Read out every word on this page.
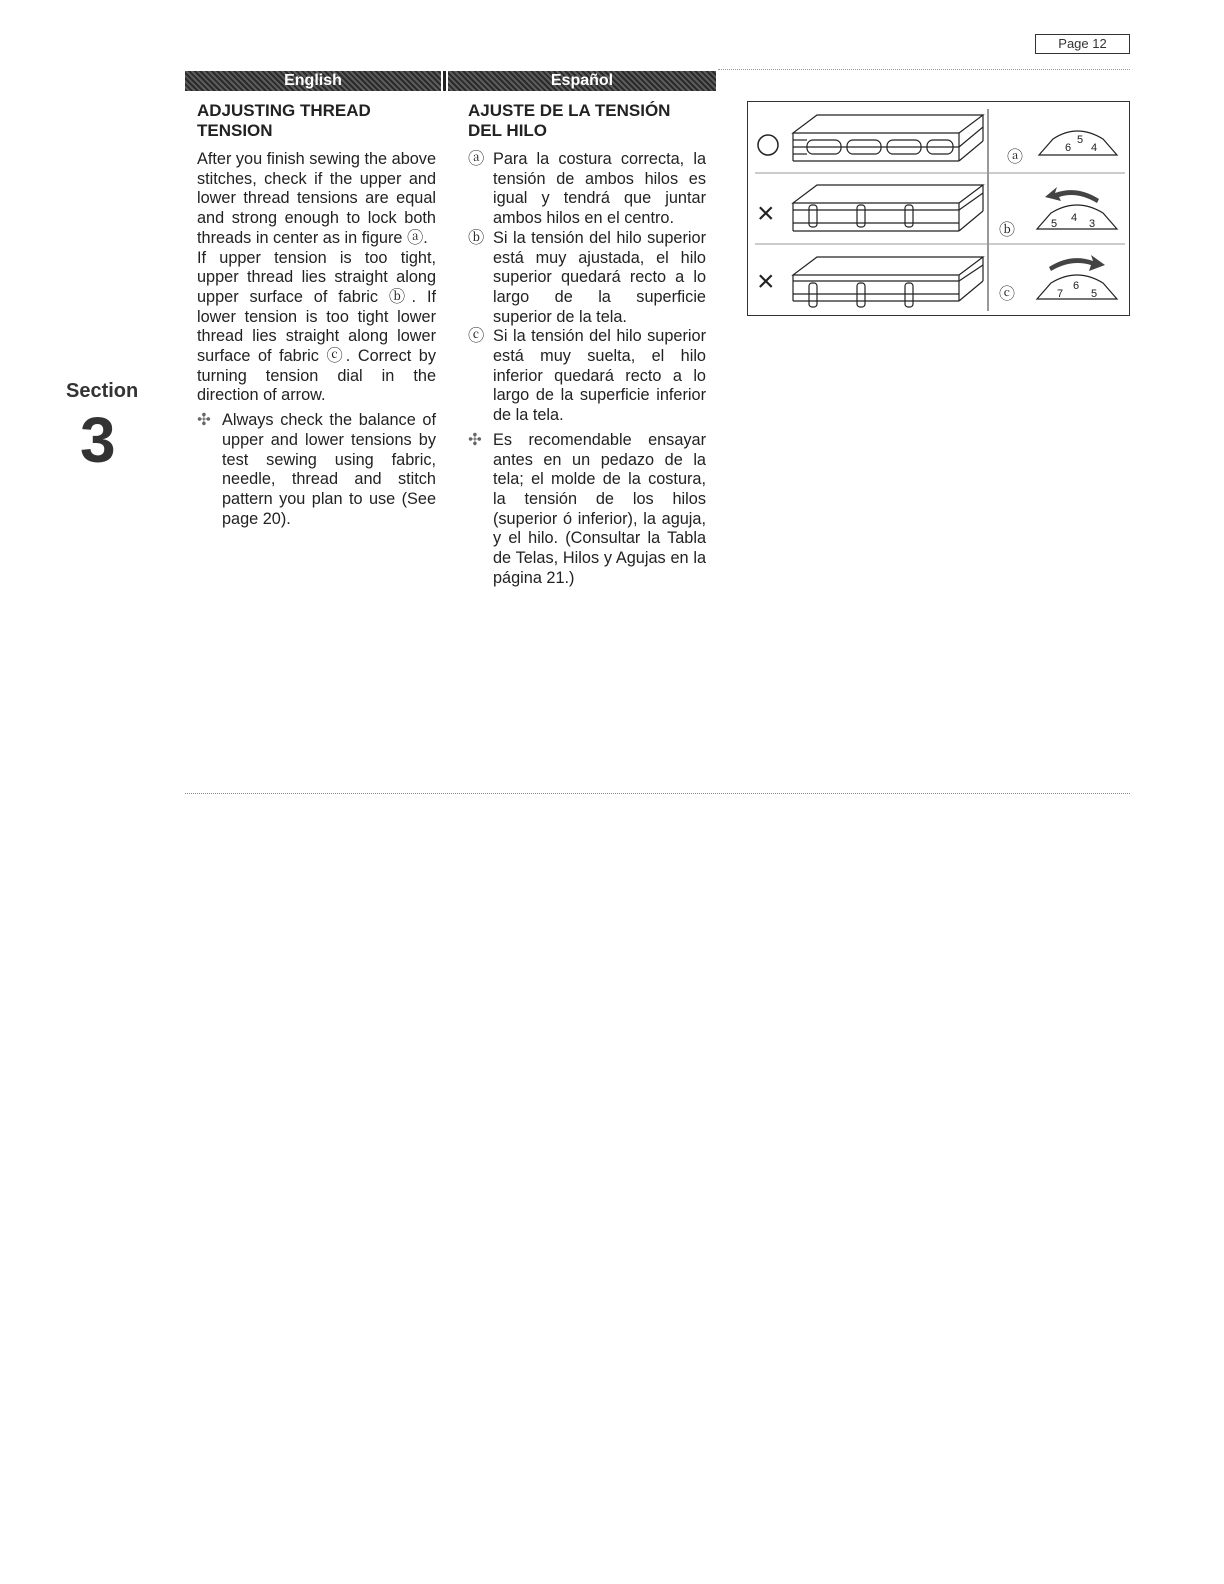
Page 12
English	Español
Section
3
ADJUSTING THREAD TENSION

After you finish sewing the above stitches, check if the upper and lower thread tensions are equal and strong enough to lock both threads in center as in figure ⓐ.

If upper tension is too tight, upper thread lies straight along upper surface of fabric ⓑ. If lower tension is too tight lower thread lies straight along lower surface of fabric ⓒ. Correct by turning tension dial in the direction of arrow.

✣ Always check the balance of upper and lower tensions by test sewing using fabric, needle, thread and stitch pattern you plan to use (See page 20).
AJUSTE DE LA TENSIÓN DEL HILO
ⓐ Para la costura correcta, la tensión de ambos hilos es igual y tendrá que juntar ambos hilos en el centro.
ⓑ Si la tensión del hilo superior está muy ajustada, el hilo superior quedará recto a lo largo de la superficie superior de la tela.
ⓒ Si la tensión del hilo superior está muy suelta, el hilo inferior quedará recto a lo largo de la superficie inferior de la tela.
✣ Es recomendable ensayar antes en un pedazo de la tela; el molde de la costura, la tensión de los hilos (superior ó inferior), la aguja, y el hilo. (Consultar la Tabla de Telas, Hilos y Agujas en la página 21.)
ⓐ
6
5
4
×
ⓑ	5 4 3
×	ⓒ	7
6
5
